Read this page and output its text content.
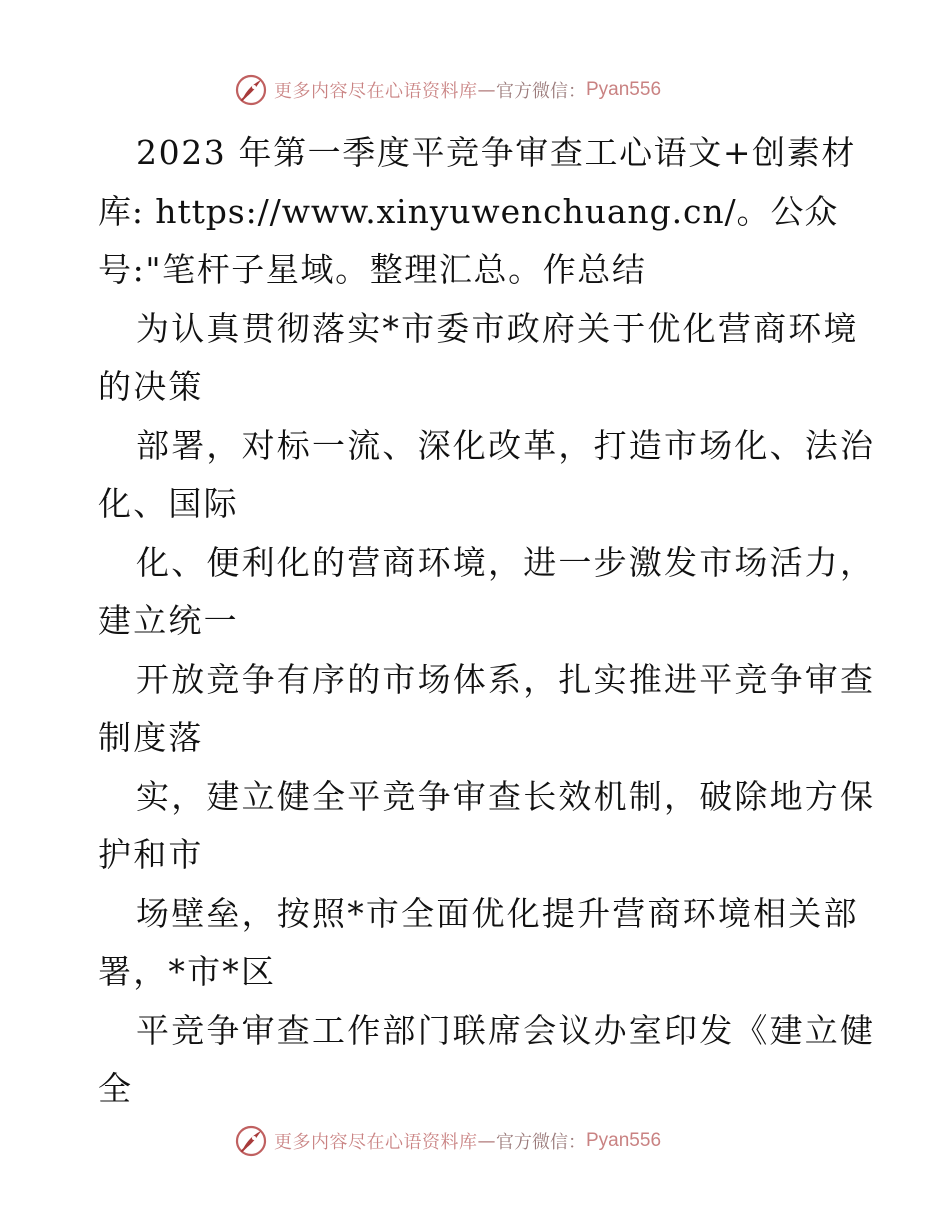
更多内容尽在心语资料库 — 官方微信： Pyan556
2023 年第一季度平竞争审查工心语文+创素材
库: https://www.xinyuwenchuang.cn/。公众
号:"笔杆子星域。整理汇总。作总结
为认真贯彻落实*市委市政府关于优化营商环境
的决策
部署，对标一流、深化改革，打造市场化、法治
化、国际
化、便利化的营商环境，进一步激发市场活力，
建立统一
开放竞争有序的市场体系，扎实推进平竞争审查
制度落
实，建立健全平竞争审查长效机制，破除地方保
护和市
场壁垒，按照*市全面优化提升营商环境相关部
署，*市*区
平竞争审查工作部门联席会议办室印发《建立健
全
更多内容尽在心语资料库 — 官方微信： Pyan556
